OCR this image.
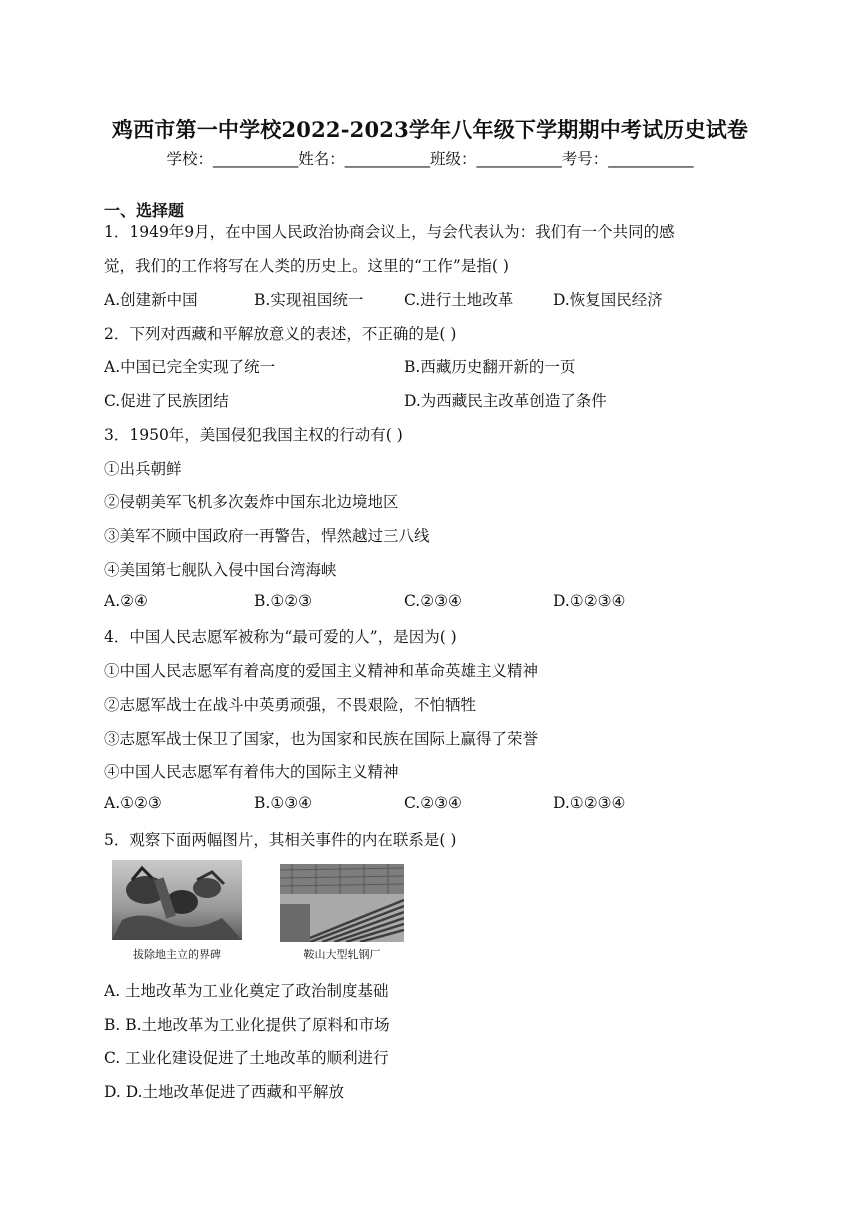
鸡西市第一中学校2022-2023学年八年级下学期期中考试历史试卷
学校：___________姓名：___________班级：___________考号：___________
一、选择题
1．1949年9月，在中国人民政治协商会议上，与会代表认为：我们有一个共同的感
觉，我们的工作将写在人类的历史上。这里的“工作”是指( )
A.创建新中国	B.实现祖国统一	C.进行土地改革	D.恢复国民经济
2．下列对西藏和平解放意义的表述，不正确的是( )
A.中国已完全实现了统一	B.西藏历史翻开新的一页
C.促进了民族团结	D.为西藏民主改革创造了条件
3．1950年，美国侵犯我国主权的行动有( )
①出兵朝鲜
②侵朝美军飞机多次轰炸中国东北边境地区
③美军不顾中国政府一再警告，悍然越过三八线
④美国第七舰队入侵中国台湾海峡
A.②④	B.①②③	C.②③④	D.①②③④
4．中国人民志愿军被称为“最可爱的人”，是因为( )
①中国人民志愿军有着高度的爱国主义精神和革命英雄主义精神
②志愿军战士在战斗中英勇顽强，不畏艰险，不怕牺牲
③志愿军战士保卫了国家，也为国家和民族在国际上赢得了荣誉
④中国人民志愿军有着伟大的国际主义精神
A.①②③	B.①③④	C.②③④	D.①②③④
5．观察下面两幅图片，其相关事件的内在联系是( )
拔除地主立的界碑	鞍山大型轧钢厂
A. 土地改革为工业化奠定了政治制度基础
B. B.土地改革为工业化提供了原料和市场
C. 工业化建设促进了土地改革的顺利进行
D. D.土地改革促进了西藏和平解放
